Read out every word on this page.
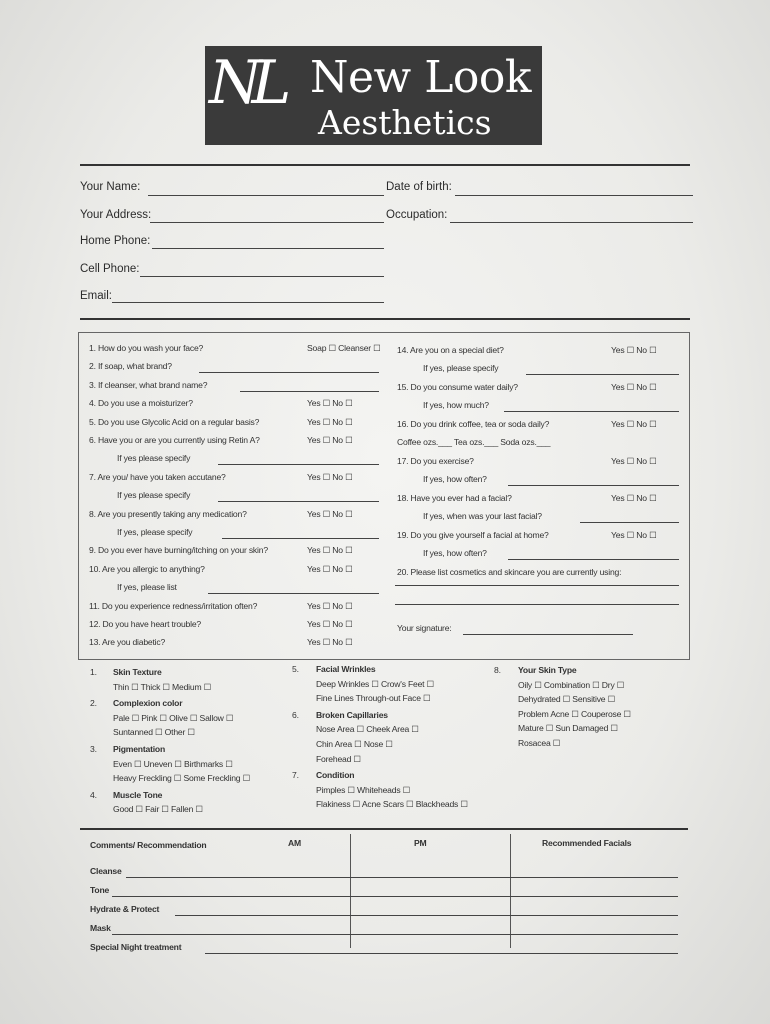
NL New Look
Aesthetics
Your Name:	Date of birth:
Your Address:	Occupation:
Home Phone:
Cell Phone:
Email:
1. How do you wash your face?	Soap ☐ Cleanser ☐
2. If soap, what brand?
3. If cleanser, what brand name?
4. Do you use a moisturizer?	Yes ☐ No ☐
5. Do you use Glycolic Acid on a regular basis?	Yes ☐ No ☐
6. Have you or are you currently using Retin A?	Yes ☐ No ☐
If yes please specify
7. Are you/ have you taken accutane?	Yes ☐ No ☐
If yes please specify
8. Are you presently taking any medication?	Yes ☐ No ☐
If yes, please specify
9. Do you ever have burning/itching on your skin?	Yes ☐ No ☐
10. Are you allergic to anything?	Yes ☐ No ☐
If yes, please list
11. Do you experience redness/irritation often?	Yes ☐ No ☐
12. Do you have heart trouble?	Yes ☐ No ☐
13. Are you diabetic?	Yes ☐ No ☐
14. Are you on a special diet?	Yes ☐ No ☐
If yes, please specify
15. Do you consume water daily?	Yes ☐ No ☐
If yes, how much?
16. Do you drink coffee, tea or soda daily?	Yes ☐ No ☐
Coffee ozs.___ Tea ozs.___ Soda ozs.___
17. Do you exercise?	Yes ☐ No ☐
If yes, how often?
18. Have you ever had a facial?	Yes ☐ No ☐
If yes, when was your last facial?
19. Do you give yourself a facial at home?	Yes ☐ No ☐
If yes, how often?
20. Please list cosmetics and skincare you are currently using:
Your signature:
1. Skin Texture
Thin ☐ Thick ☐ Medium ☐
2. Complexion color
Pale ☐ Pink ☐ Olive ☐ Sallow ☐
Suntanned ☐ Other ☐
3. Pigmentation
Even ☐ Uneven ☐ Birthmarks ☐
Heavy Freckling ☐ Some Freckling ☐
4. Muscle Tone
Good ☐ Fair ☐ Fallen ☐
5. Facial Wrinkles
Deep Wrinkles ☐ Crow's Feet ☐
Fine Lines Through-out Face ☐
6. Broken Capillaries
Nose Area ☐ Cheek Area ☐
Chin Area ☐ Nose ☐
Forehead ☐
7. Condition
Pimples ☐ Whiteheads ☐
Flakiness ☐ Acne Scars ☐ Blackheads ☐
8. Your Skin Type
Oily ☐ Combination ☐ Dry ☐
Dehydrated ☐ Sensitive ☐
Problem Acne ☐ Couperose ☐
Mature ☐ Sun Damaged ☐
Rosacea ☐
Comments/ Recommendation	AM	PM	Recommended Facials
Cleanse
Tone
Hydrate & Protect
Mask
Special Night treatment
